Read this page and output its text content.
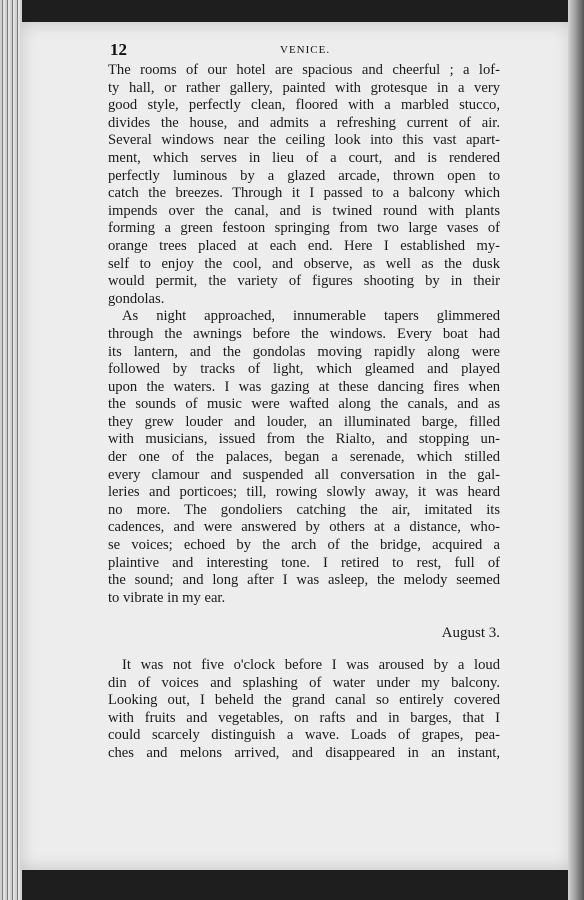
12	VENICE.

The rooms of our hotel are spacious and cheerful ; a lof-
ty hall, or rather gallery, painted with grotesque in a very
good style, perfectly clean, floored with a marbled stucco,
divides the house, and admits a refreshing current of air.
Several windows near the ceiling look into this vast apart-
ment, which serves in lieu of a court, and is rendered
perfectly luminous by a glazed arcade, thrown open to
catch the breezes. Through it I passed to a balcony which
impends over the canal, and is twined round with plants
forming a green festoon springing from two large vases of
orange trees placed at each end. Here I established my-
self to enjoy the cool, and observe, as well as the dusk
would permit, the variety of figures shooting by in their
gondolas.

As night approached, innumerable tapers glimmered
through the awnings before the windows. Every boat had
its lantern, and the gondolas moving rapidly along were
followed by tracks of light, which gleamed and played
upon the waters. I was gazing at these dancing fires when
the sounds of music were wafted along the canals, and as
they grew louder and louder, an illuminated barge, filled
with musicians, issued from the Rialto, and stopping un-
der one of the palaces, began a serenade, which stilled
every clamour and suspended all conversation in the gal-
leries and porticoes; till, rowing slowly away, it was heard
no more. The gondoliers catching the air, imitated its
cadences, and were answered by others at a distance, who-
se voices; echoed by the arch of the bridge, acquired a
plaintive and interesting tone. I retired to rest, full of
the sound; and long after I was asleep, the melody seemed
to vibrate in my ear.

August 3.

It was not five o'clock before I was aroused by a loud
din of voices and splashing of water under my balcony.
Looking out, I beheld the grand canal so entirely covered
with fruits and vegetables, on rafts and in barges, that I
could scarcely distinguish a wave. Loads of grapes, pea-
ches and melons arrived, and disappeared in an instant,
